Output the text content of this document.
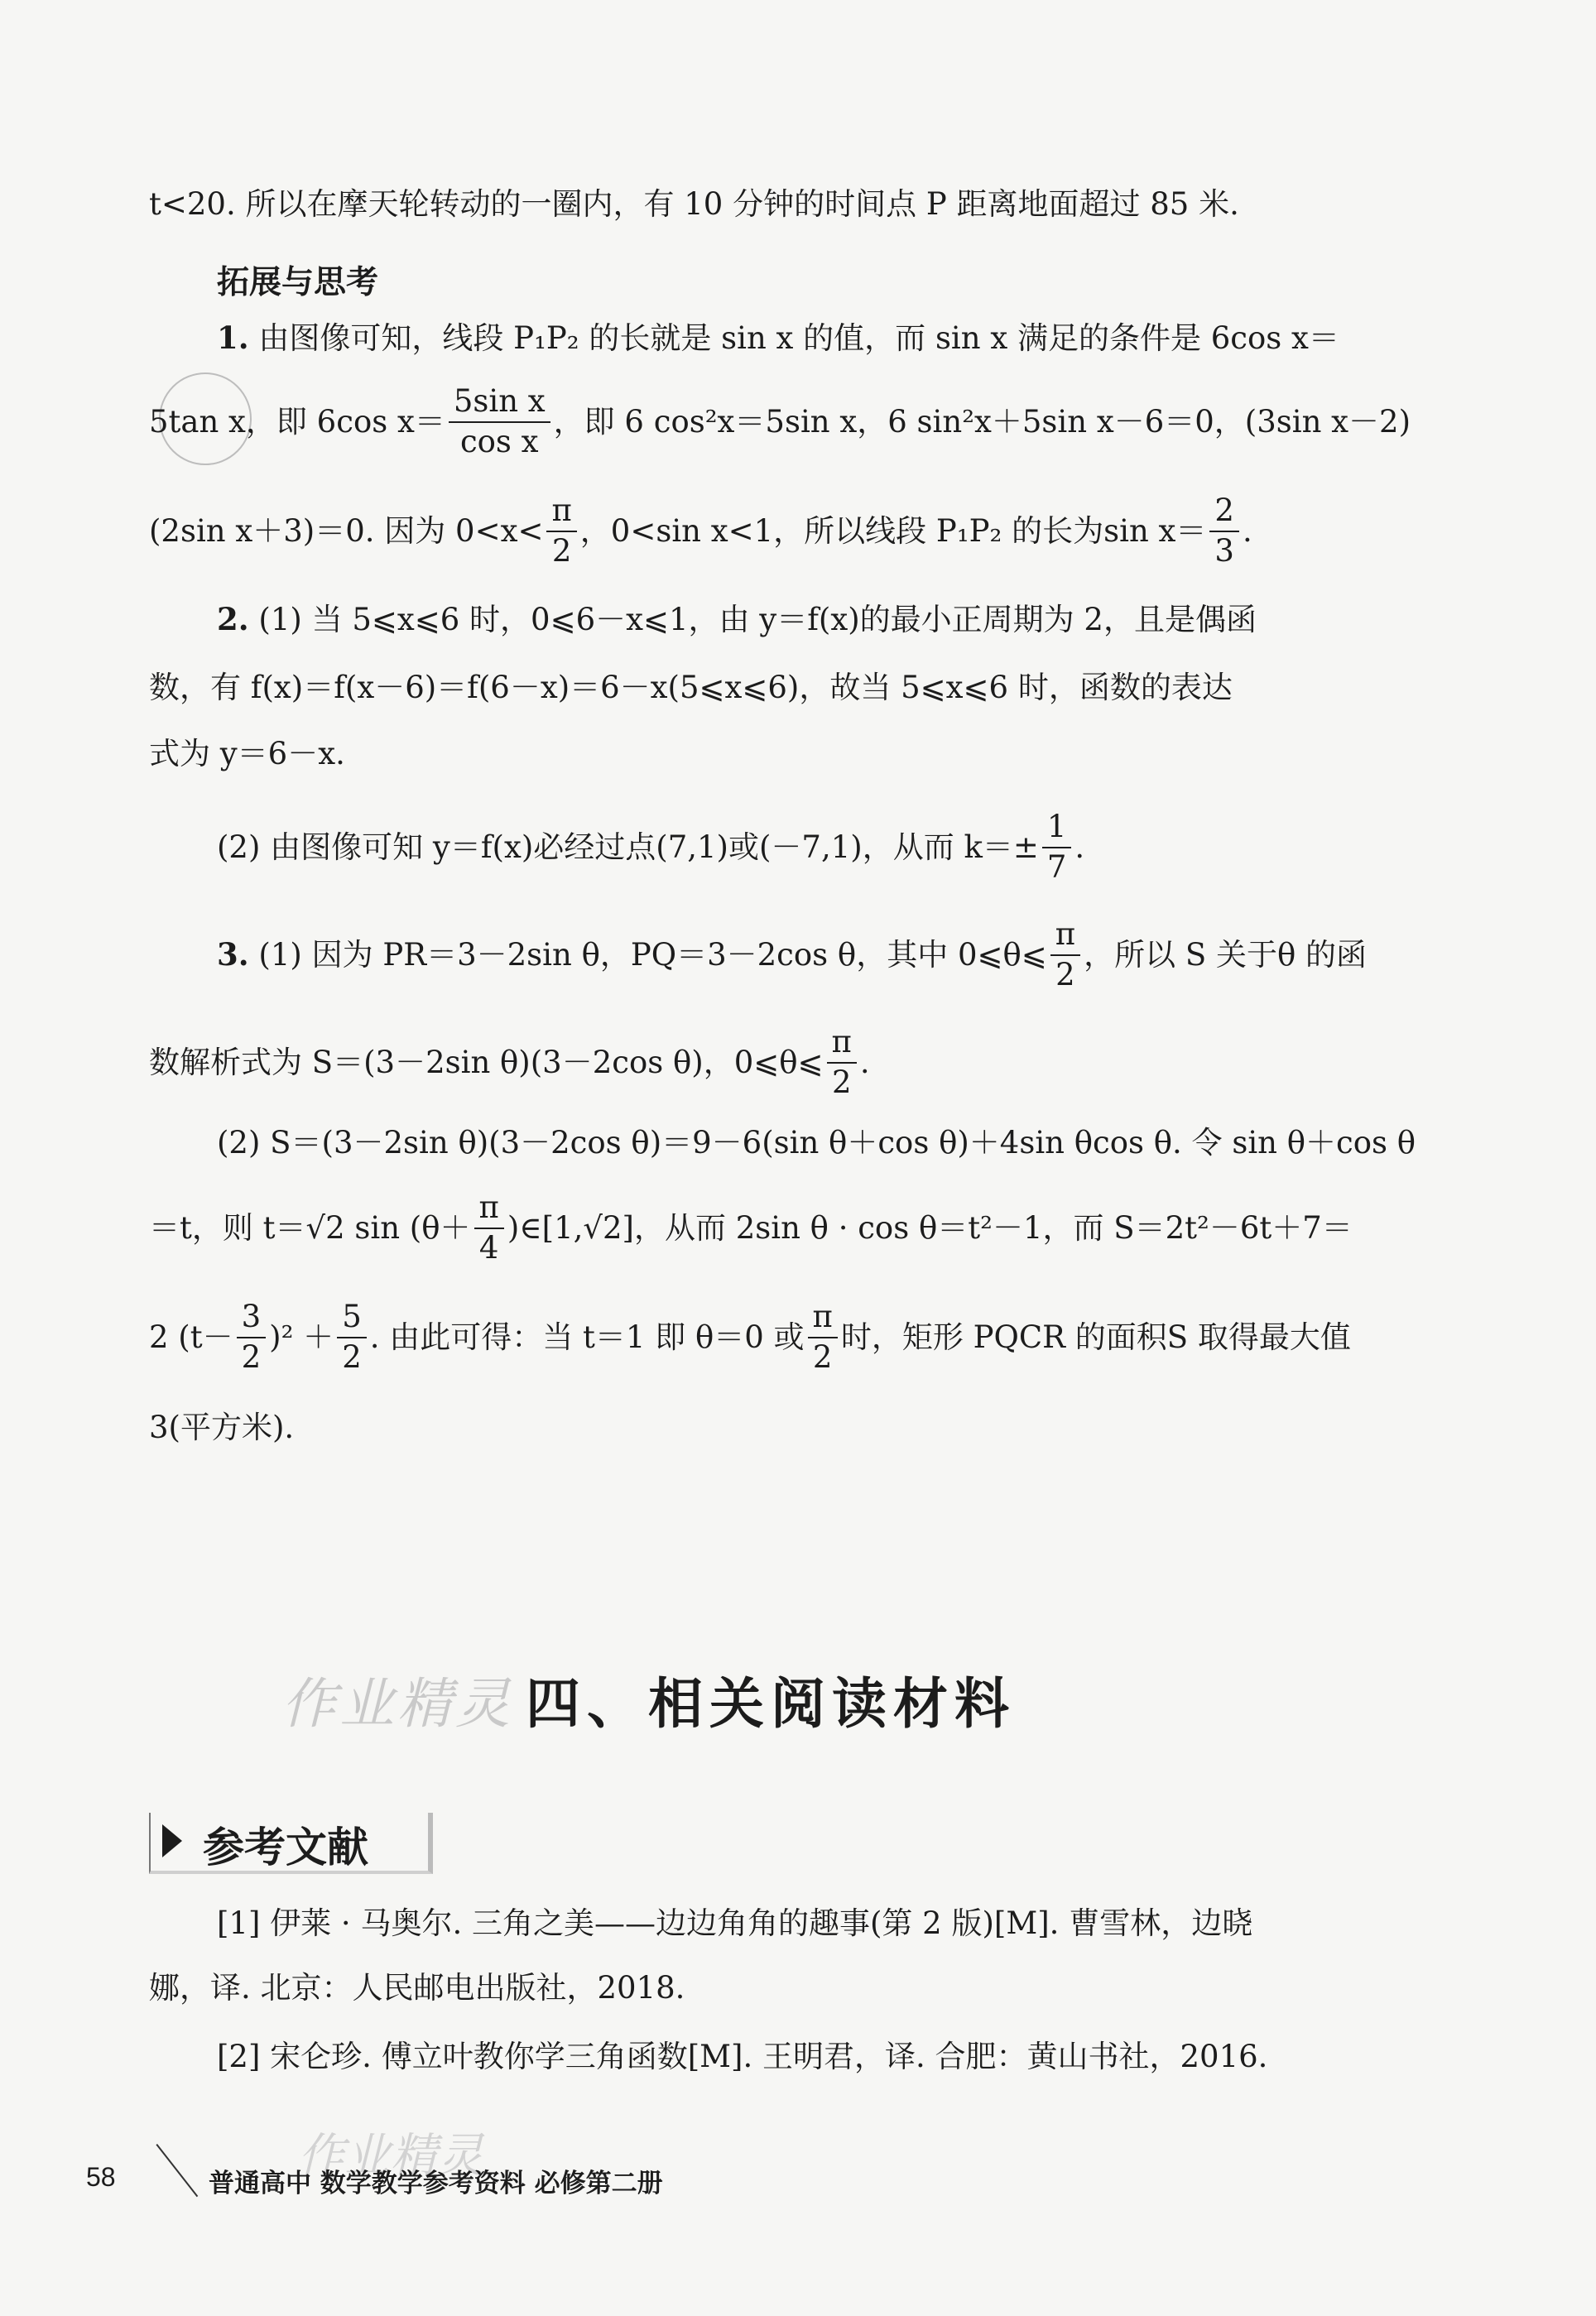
t<20. 所以在摩天轮转动的一圈内，有 10 分钟的时间点 P 距离地面超过 85 米.
拓展与思考
1. 由图像可知，线段 P₁P₂ 的长就是 sin x 的值，而 sin x 满足的条件是 6cos x＝
5tan x，即 6cos $x= \frac{\text{5sin x}}{\text{cos x}}$ ，即 6 cos²x＝5sin x，6 sin²x＋5sin x－6＝0，(3sin x－2)
(2sin x＋3)＝0. 因为 $0<x< \frac{\pi}{2}$ ，0<sin x<1，所以线段 P₁P₂ 的长为$\sin x= \frac{2}{3}$ .
2. (1) 当 5⩽x⩽6 时，0⩽6－x⩽1，由 y＝f(x)的最小正周期为 2，且是偶函
数，有 f(x)＝f(x－6)＝f(6－x)＝6－x(5⩽x⩽6)，故当 5⩽x⩽6 时，函数的表达
式为 y＝6－x.
(2) 由图像可知 y＝f(x)必经过点(7,1)或(－7,1)，从而 $k=\pm \frac{1}{7}$ .
3.
(1) 因为 PR＝3－2sin θ，PQ＝3－2cos θ，其中 0⩽θ⩽ $\frac{\pi}{2}$ ，所以 S 关于θ 的函
数解析式为 S＝(3－2sin θ)(3－2cos θ)，0⩽θ⩽ $\frac{\pi}{2}$ .
(2) S＝(3－2sin θ)(3－2cos θ)＝9－6(sin θ＋cos θ)＋4sin θcos θ. 令 sin θ＋cos θ
＝t，则 t＝√2 $\sin (\theta+ \frac{\pi}{4}$ )∈[1,√2]，从而 2sin θ · cos θ＝t²－1，而 S＝2t²－6t＋7＝
2 $(t- \frac{3}{2} )^2 + \frac{5}{2}$ . 由此可得：当 t＝1 即 θ＝0 或 $\frac{\pi}{2}$ 时，矩形 PQCR 的面积S 取得最大值
3(平方米).
作业精灵 四、相关阅读材料
参考文献
[1] 伊莱 · 马奥尔. 三角之美——边边角角的趣事(第 2 版)[M]. 曹雪林，边晓
娜，译. 北京：人民邮电出版社，2018.
[2] 宋仑珍. 傅立叶教你学三角函数[M]. 王明君，译. 合肥：黄山书社，2016.
作业精灵
58	普通高中 数学教学参考资料 必修第二册
